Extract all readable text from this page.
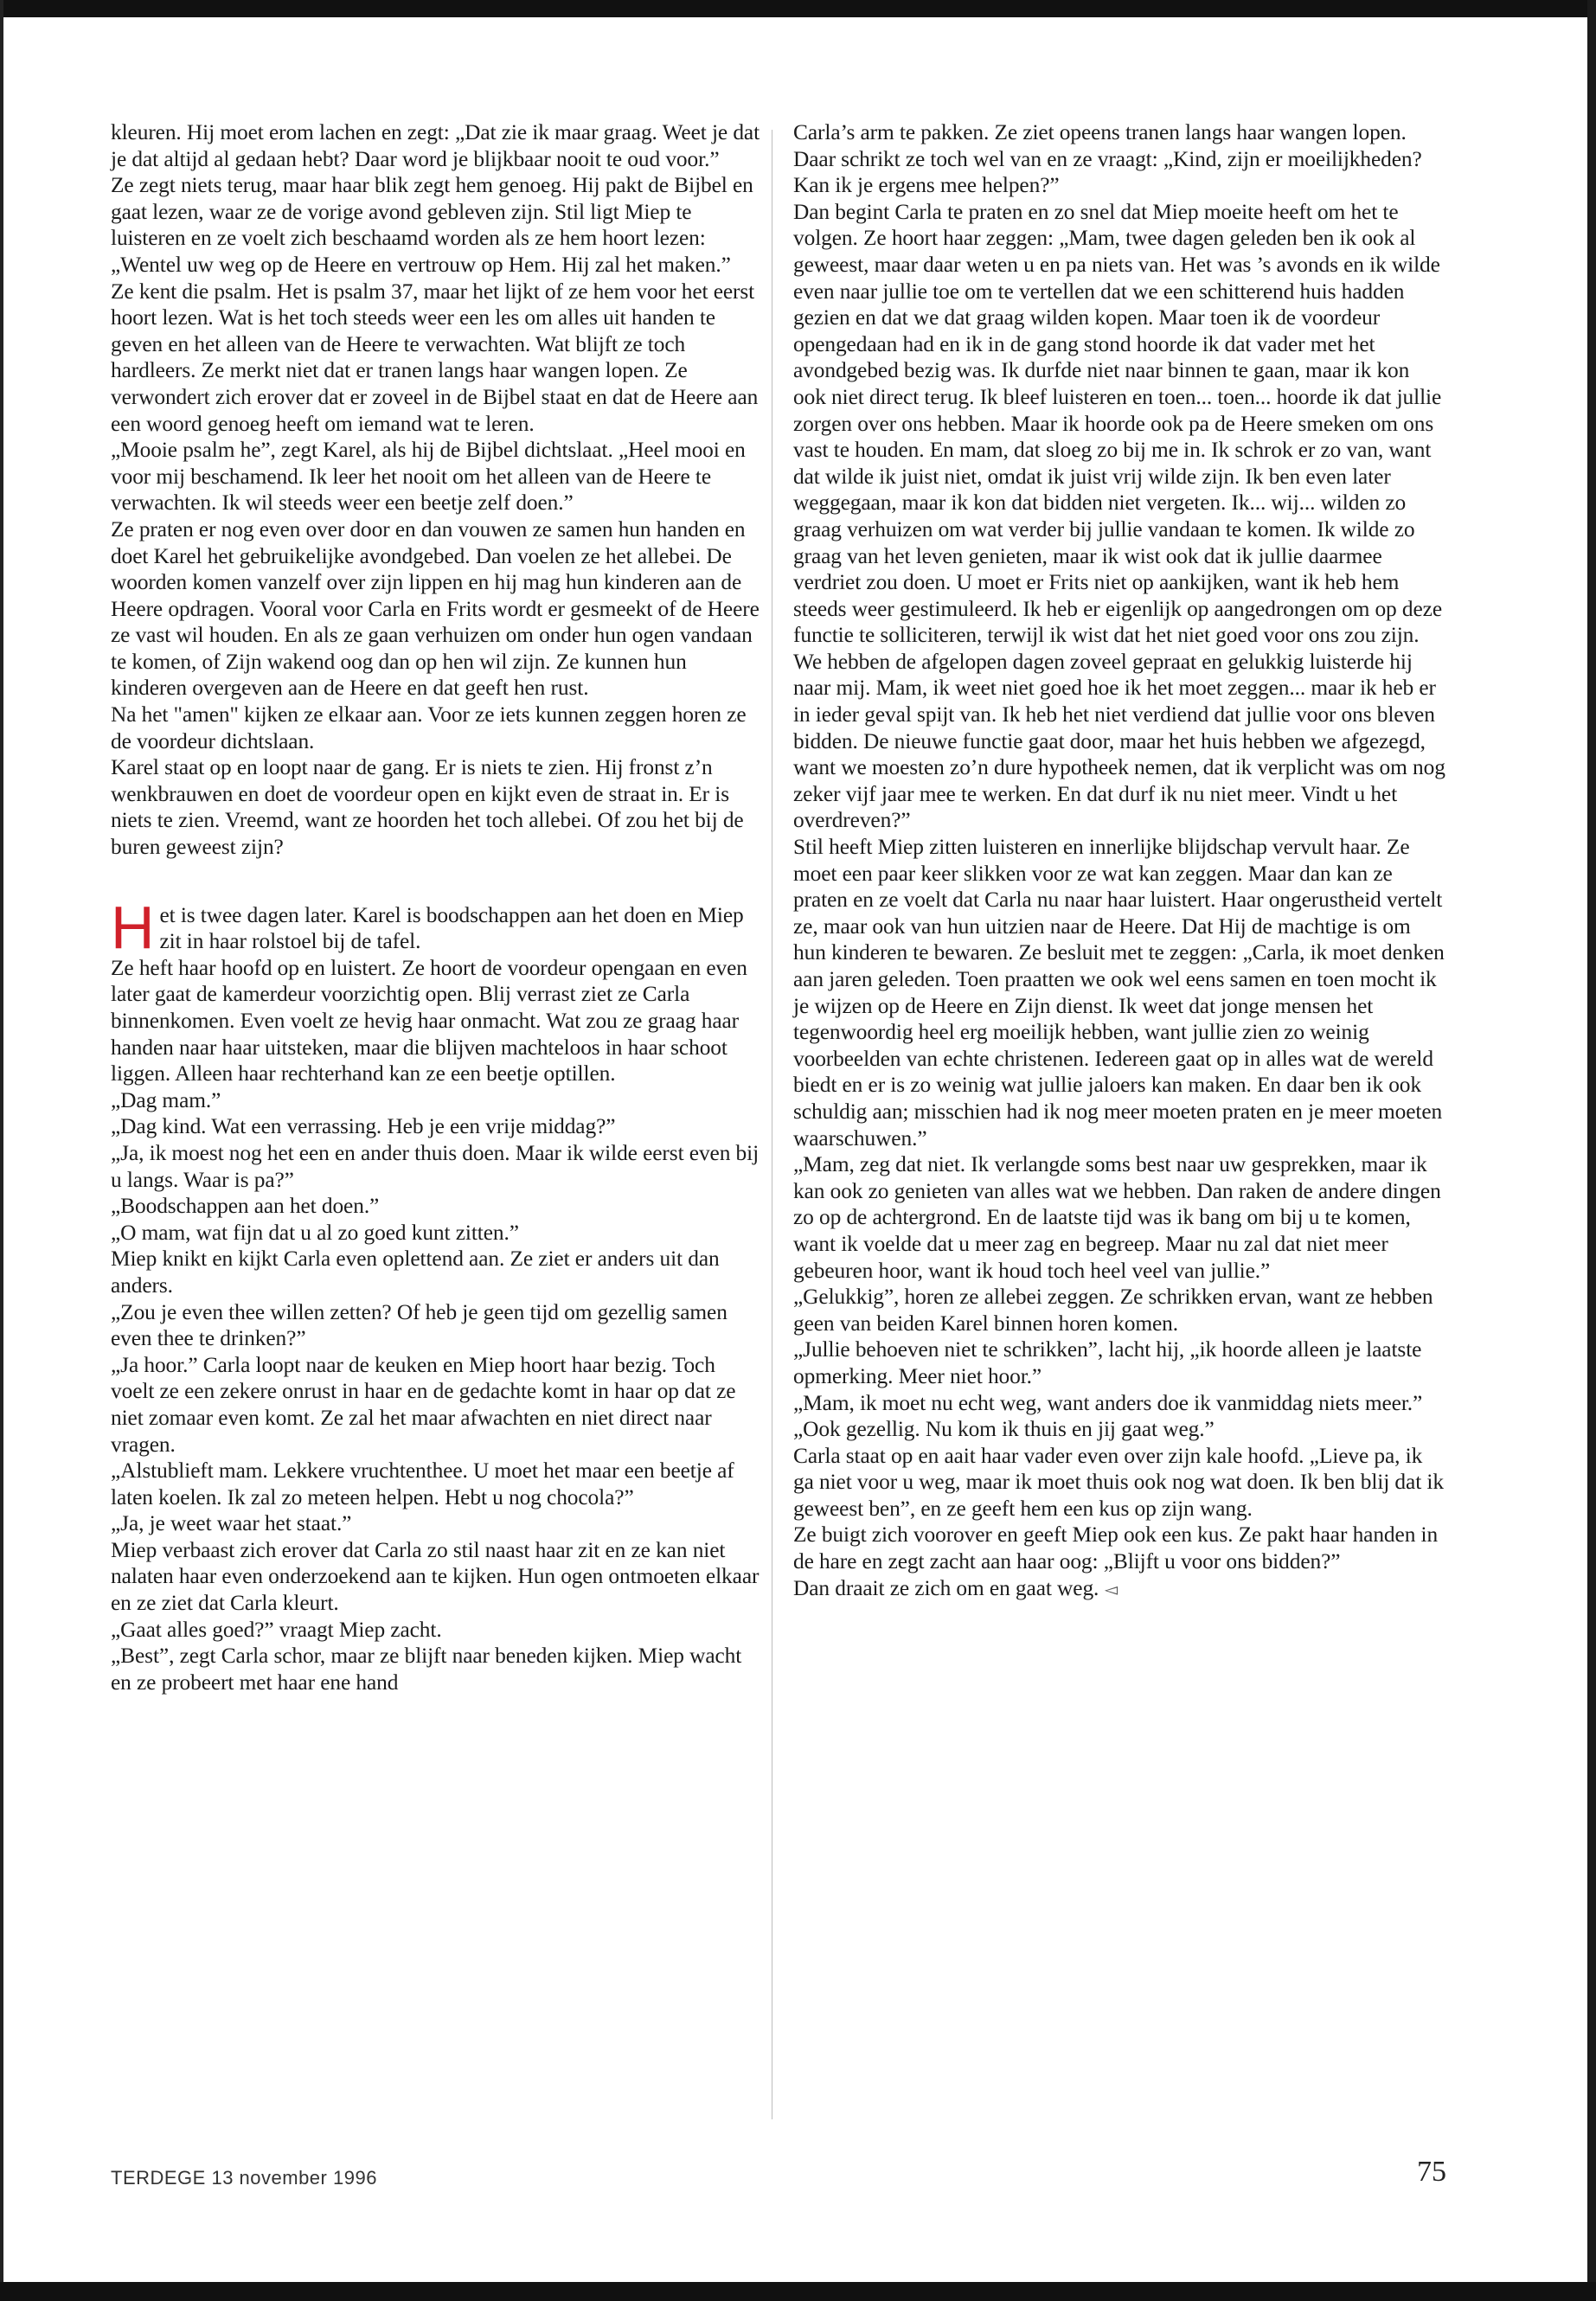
kleuren. Hij moet erom lachen en zegt: „Dat zie ik maar graag. Weet je dat je dat altijd al gedaan hebt? Daar word je blijkbaar nooit te oud voor.”

Ze zegt niets terug, maar haar blik zegt hem genoeg. Hij pakt de Bijbel en gaat lezen, waar ze de vorige avond gebleven zijn. Stil ligt Miep te luisteren en ze voelt zich beschaamd worden als ze hem hoort lezen: „Wentel uw weg op de Heere en vertrouw op Hem. Hij zal het maken.”

Ze kent die psalm. Het is psalm 37, maar het lijkt of ze hem voor het eerst hoort lezen. Wat is het toch steeds weer een les om alles uit handen te geven en het alleen van de Heere te verwachten. Wat blijft ze toch hardleers. Ze merkt niet dat er tranen langs haar wangen lopen. Ze verwondert zich erover dat er zoveel in de Bijbel staat en dat de Heere aan een woord genoeg heeft om iemand wat te leren.

„Mooie psalm he”, zegt Karel, als hij de Bijbel dichtslaat. „Heel mooi en voor mij beschamend. Ik leer het nooit om het alleen van de Heere te verwachten. Ik wil steeds weer een beetje zelf doen.”

Ze praten er nog even over door en dan vouwen ze samen hun handen en doet Karel het gebruikelijke avondgebed. Dan voelen ze het allebei. De woorden komen vanzelf over zijn lippen en hij mag hun kinderen aan de Heere opdragen. Vooral voor Carla en Frits wordt er gesmeekt of de Heere ze vast wil houden. En als ze gaan verhuizen om onder hun ogen vandaan te komen, of Zijn wakend oog dan op hen wil zijn. Ze kunnen hun kinderen overgeven aan de Heere en dat geeft hen rust.

Na het "amen" kijken ze elkaar aan. Voor ze iets kunnen zeggen horen ze de voordeur dichtslaan.

Karel staat op en loopt naar de gang. Er is niets te zien. Hij fronst z’n wenkbrauwen en doet de voordeur open en kijkt even de straat in. Er is niets te zien. Vreemd, want ze hoorden het toch allebei. Of zou het bij de buren geweest zijn?

Het is twee dagen later. Karel is boodschappen aan het doen en Miep zit in haar rolstoel bij de tafel.

Ze heft haar hoofd op en luistert. Ze hoort de voordeur opengaan en even later gaat de kamerdeur voorzichtig open. Blij verrast ziet ze Carla binnenkomen. Even voelt ze hevig haar onmacht. Wat zou ze graag haar handen naar haar uitsteken, maar die blijven machteloos in haar schoot liggen. Alleen haar rechterhand kan ze een beetje optillen.

„Dag mam.”

„Dag kind. Wat een verrassing. Heb je een vrije middag?”

„Ja, ik moest nog het een en ander thuis doen. Maar ik wilde eerst even bij u langs. Waar is pa?”

„Boodschappen aan het doen.”

„O mam, wat fijn dat u al zo goed kunt zitten.”

Miep knikt en kijkt Carla even oplettend aan. Ze ziet er anders uit dan anders.

„Zou je even thee willen zetten? Of heb je geen tijd om gezellig samen even thee te drinken?”

„Ja hoor.” Carla loopt naar de keuken en Miep hoort haar bezig. Toch voelt ze een zekere onrust in haar en de gedachte komt in haar op dat ze niet zomaar even komt. Ze zal het maar afwachten en niet direct naar vragen.

„Alstublieft mam. Lekkere vruchtenthee. U moet het maar een beetje af laten koelen. Ik zal zo meteen helpen. Hebt u nog chocola?”

„Ja, je weet waar het staat.”

Miep verbaast zich erover dat Carla zo stil naast haar zit en ze kan niet nalaten haar even onderzoekend aan te kijken. Hun ogen ontmoeten elkaar en ze ziet dat Carla kleurt.

„Gaat alles goed?” vraagt Miep zacht.

„Best”, zegt Carla schor, maar ze blijft naar beneden kijken. Miep wacht en ze probeert met haar ene hand

Carla’s arm te pakken. Ze ziet opeens tranen langs haar wangen lopen. Daar schrikt ze toch wel van en ze vraagt: „Kind, zijn er moeilijkheden? Kan ik je ergens mee helpen?”

Dan begint Carla te praten en zo snel dat Miep moeite heeft om het te volgen. Ze hoort haar zeggen: „Mam, twee dagen geleden ben ik ook al geweest, maar daar weten u en pa niets van. Het was ’s avonds en ik wilde even naar jullie toe om te vertellen dat we een schitterend huis hadden gezien en dat we dat graag wilden kopen. Maar toen ik de voordeur opengedaan had en ik in de gang stond hoorde ik dat vader met het avondgebed bezig was. Ik durfde niet naar binnen te gaan, maar ik kon ook niet direct terug. Ik bleef luisteren en toen... toen... hoorde ik dat jullie zorgen over ons hebben. Maar ik hoorde ook pa de Heere smeken om ons vast te houden. En mam, dat sloeg zo bij me in. Ik schrok er zo van, want dat wilde ik juist niet, omdat ik juist vrij wilde zijn. Ik ben even later weggegaan, maar ik kon dat bidden niet vergeten. Ik... wij... wilden zo graag verhuizen om wat verder bij jullie vandaan te komen. Ik wilde zo graag van het leven genieten, maar ik wist ook dat ik jullie daarmee verdriet zou doen. U moet er Frits niet op aankijken, want ik heb hem steeds weer gestimuleerd. Ik heb er eigenlijk op aangedrongen om op deze functie te solliciteren, terwijl ik wist dat het niet goed voor ons zou zijn. We hebben de afgelopen dagen zoveel gepraat en gelukkig luisterde hij naar mij. Mam, ik weet niet goed hoe ik het moet zeggen... maar ik heb er in ieder geval spijt van. Ik heb het niet verdiend dat jullie voor ons bleven bidden. De nieuwe functie gaat door, maar het huis hebben we afgezegd, want we moesten zo’n dure hypotheek nemen, dat ik verplicht was om nog zeker vijf jaar mee te werken. En dat durf ik nu niet meer. Vindt u het overdreven?”

Stil heeft Miep zitten luisteren en innerlijke blijdschap vervult haar. Ze moet een paar keer slikken voor ze wat kan zeggen. Maar dan kan ze praten en ze voelt dat Carla nu naar haar luistert. Haar ongerustheid vertelt ze, maar ook van hun uitzien naar de Heere. Dat Hij de machtige is om hun kinderen te bewaren. Ze besluit met te zeggen: „Carla, ik moet denken aan jaren geleden. Toen praatten we ook wel eens samen en toen mocht ik je wijzen op de Heere en Zijn dienst. Ik weet dat jonge mensen het tegenwoordig heel erg moeilijk hebben, want jullie zien zo weinig voorbeelden van echte christenen. Iedereen gaat op in alles wat de wereld biedt en er is zo weinig wat jullie jaloers kan maken. En daar ben ik ook schuldig aan; misschien had ik nog meer moeten praten en je meer moeten waarschuwen.”

„Mam, zeg dat niet. Ik verlangde soms best naar uw gesprekken, maar ik kan ook zo genieten van alles wat we hebben. Dan raken de andere dingen zo op de achtergrond. En de laatste tijd was ik bang om bij u te komen, want ik voelde dat u meer zag en begreep. Maar nu zal dat niet meer gebeuren hoor, want ik houd toch heel veel van jullie.”

„Gelukkig”, horen ze allebei zeggen. Ze schrikken ervan, want ze hebben geen van beiden Karel binnen horen komen.

„Jullie behoeven niet te schrikken”, lacht hij, „ik hoorde alleen je laatste opmerking. Meer niet hoor.”

„Mam, ik moet nu echt weg, want anders doe ik vanmiddag niets meer.”

„Ook gezellig. Nu kom ik thuis en jij gaat weg.”

Carla staat op en aait haar vader even over zijn kale hoofd. „Lieve pa, ik ga niet voor u weg, maar ik moet thuis ook nog wat doen. Ik ben blij dat ik geweest ben”, en ze geeft hem een kus op zijn wang.

Ze buigt zich voorover en geeft Miep ook een kus. Ze pakt haar handen in de hare en zegt zacht aan haar oog: „Blijft u voor ons bidden?”

Dan draait ze zich om en gaat weg. ◅

TERDEGE 13 november 1996	75
